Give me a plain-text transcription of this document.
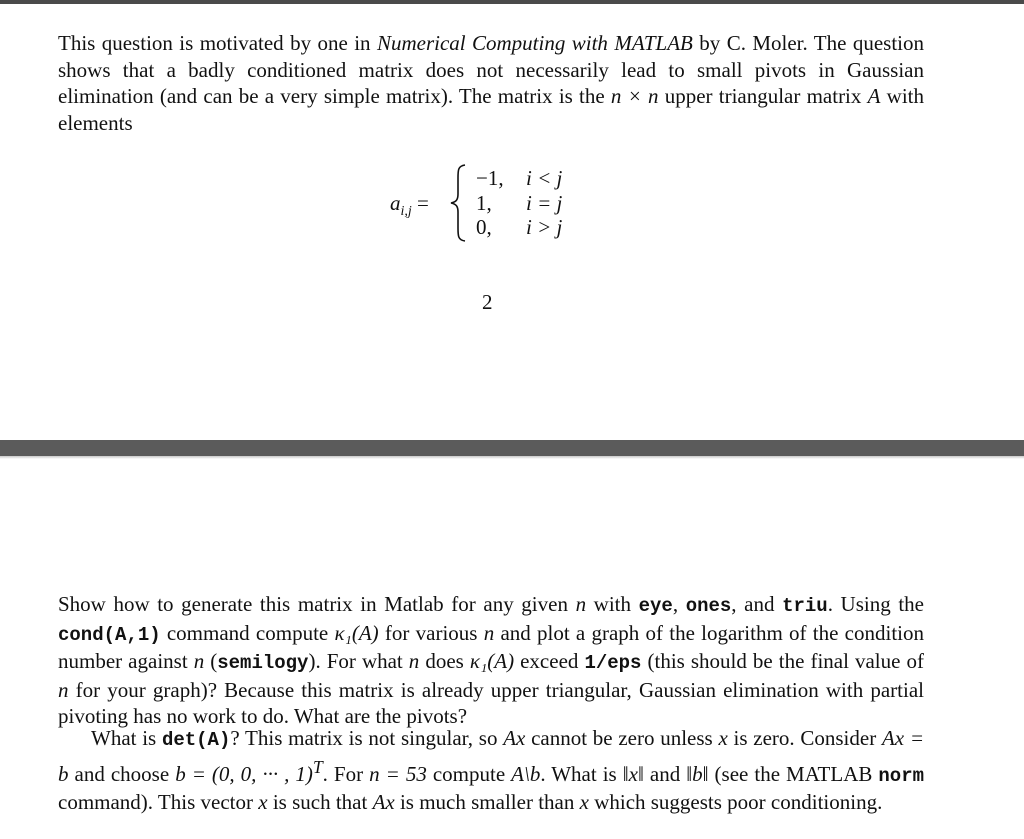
This question is motivated by one in Numerical Computing with MATLAB by C. Moler. The question shows that a badly conditioned matrix does not necessarily lead to small pivots in Gaussian elimination (and can be a very simple matrix). The matrix is the n × n upper triangular matrix A with elements

$a_{i,j}$ =
−1, i < j
1, i = j
0, i > j
2

Show how to generate this matrix in Matlab for any given n with eye, ones, and triu. Using the cond(A,1) command compute κ₁(A) for various n and plot a graph of the logarithm of the condition number against n (semilogy). For what n does κ₁(A) exceed 1/eps (this should be the final value of n for your graph)? Because this matrix is already upper triangular, Gaussian elimination with partial pivoting has no work to do. What are the pivots?

What is det(A)? This matrix is not singular, so Ax cannot be zero unless x is zero. Consider Ax = b and choose b = (0, 0, ··· , 1)$^T$. For n = 53 compute A\b. What is ‖x‖ and ‖b‖ (see the MATLAB norm command). This vector x is such that Ax is much smaller than x which suggests poor conditioning.
